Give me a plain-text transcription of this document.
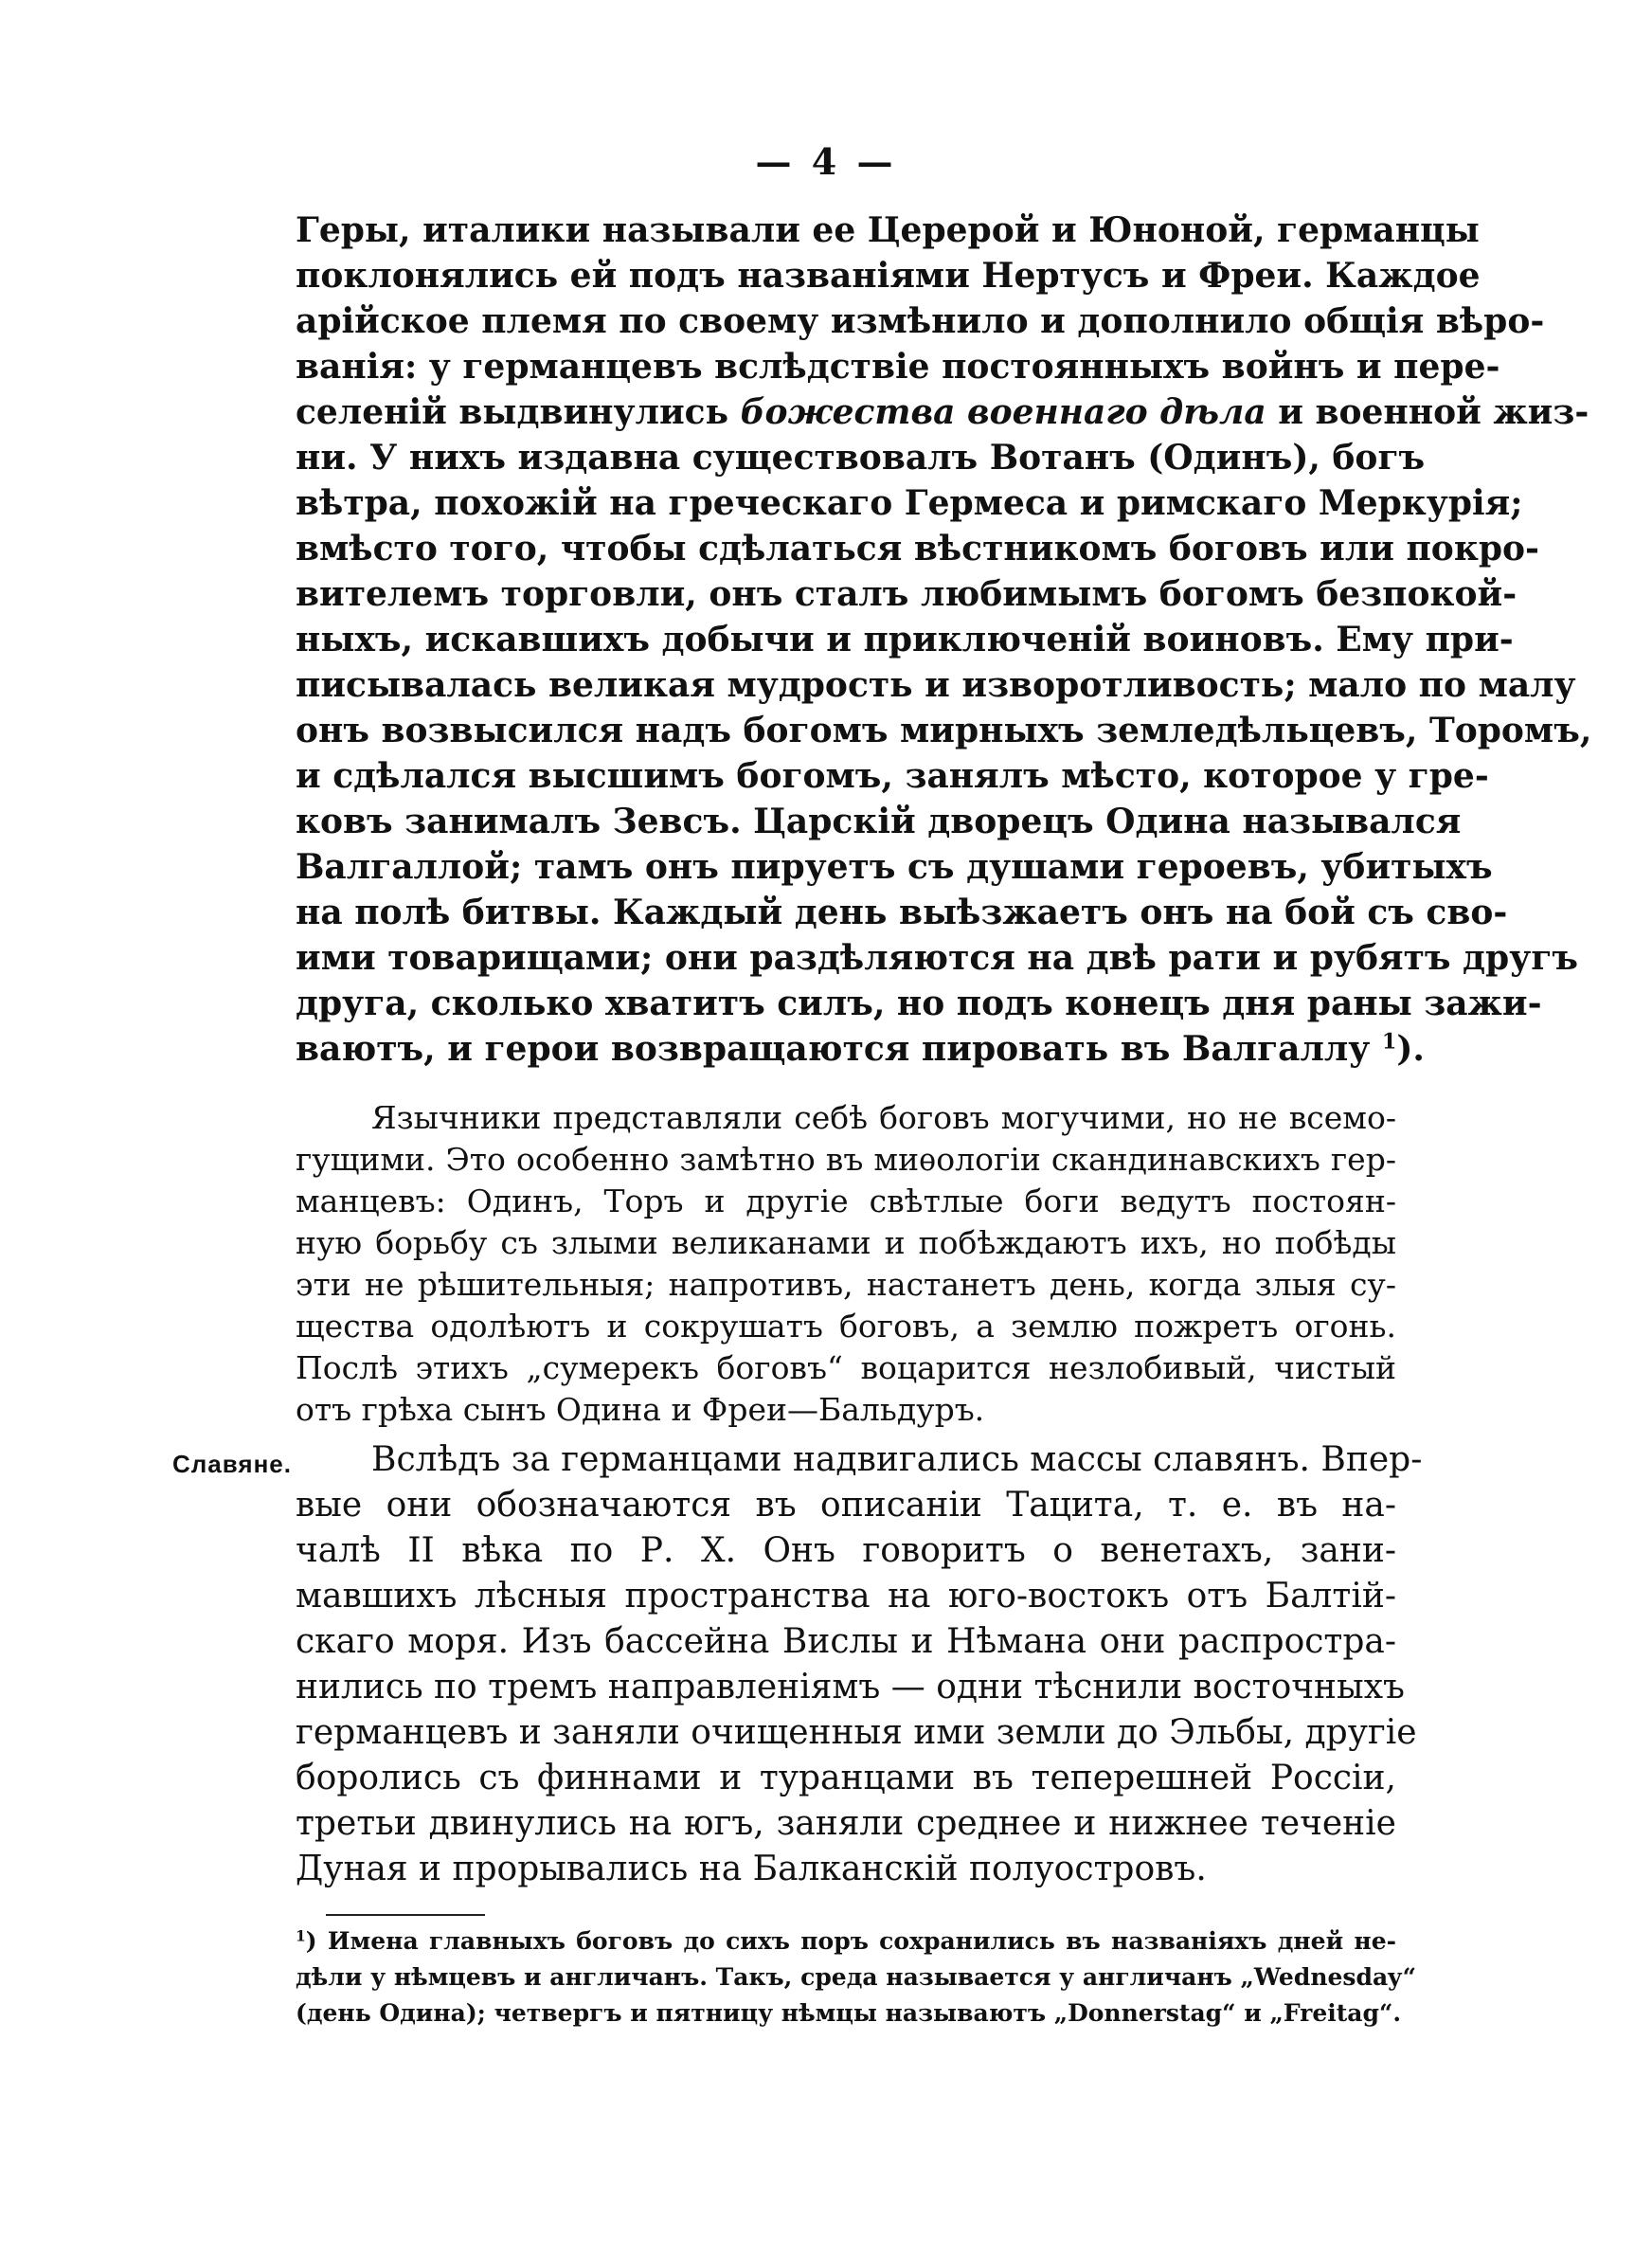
— 4 —
Геры, италики называли ее Церерой и Юноной, германцы
поклонялись ей подъ названіями Нертусъ и Фреи. Каждое
арійское племя по своему измѣнило и дополнило общія вѣро-
ванія: у германцевъ вслѣдствіе постоянныхъ войнъ и пере-
селеній выдвинулись божества военнаго дѣла и военной жиз-
ни. У нихъ издавна существовалъ Вотанъ (Одинъ), богъ
вѣтра, похожій на греческаго Гермеса и римскаго Меркурія;
вмѣсто того, чтобы сдѣлаться вѣстникомъ боговъ или покро-
вителемъ торговли, онъ сталъ любимымъ богомъ безпокой-
ныхъ, искавшихъ добычи и приключеній воиновъ. Ему при-
писывалась великая мудрость и изворотливость; мало по малу
онъ возвысился надъ богомъ мирныхъ земледѣльцевъ, Торомъ,
и сдѣлался высшимъ богомъ, занялъ мѣсто, которое у гре-
ковъ занималъ Зевсъ. Царскій дворецъ Одина назывался
Валгаллой; тамъ онъ пируетъ съ душами героевъ, убитыхъ
на полѣ битвы. Каждый день выѣзжаетъ онъ на бой съ сво-
ими товарищами; они раздѣляются на двѣ рати и рубятъ другъ
друга, сколько хватитъ силъ, но подъ конецъ дня раны зажи-
ваютъ, и герои возвращаются пировать въ Валгаллу $^1$).
Язычники представляли себѣ боговъ могучими, но не всемо-
гущими. Это особенно замѣтно въ миѳологіи скандинавскихъ гер-
манцевъ: Одинъ, Торъ и другіе свѣтлые боги ведутъ постоян-
ную борьбу съ злыми великанами и побѣждаютъ ихъ, но побѣды
эти не рѣшительныя; напротивъ, настанетъ день, когда злыя су-
щества одолѣютъ и сокрушатъ боговъ, а землю пожретъ огонь.
Послѣ этихъ „сумерекъ боговъ“ воцарится незлобивый, чистый
отъ грѣха сынъ Одина и Фреи—Бальдуръ.
Славяне. Вслѣдъ за германцами надвигались массы славянъ. Впер-
вые они обозначаются въ описаніи Тацита, т. е. въ на-
чалѣ II вѣка по Р. Х. Онъ говоритъ о венетахъ, зани-
мавшихъ лѣсныя пространства на юго-востокъ отъ Балтій-
скаго моря. Изъ бассейна Вислы и Нѣмана они распростра-
нились по тремъ направленіямъ — одни тѣснили восточныхъ
германцевъ и заняли очищенныя ими земли до Эльбы, другіе
боролись съ финнами и туранцами въ теперешней Россіи,
третьи двинулись на югъ, заняли среднее и нижнее теченіе
Дуная и прорывались на Балканскій полуостровъ.
$^1$) Имена главныхъ боговъ до сихъ поръ сохранились въ названіяхъ дней не-
дѣли у нѣмцевъ и англичанъ. Такъ, среда называется у англичанъ „Wednesday“
(день Одина); четвергъ и пятницу нѣмцы называютъ „Donnerstag“ и „Freitag“.
